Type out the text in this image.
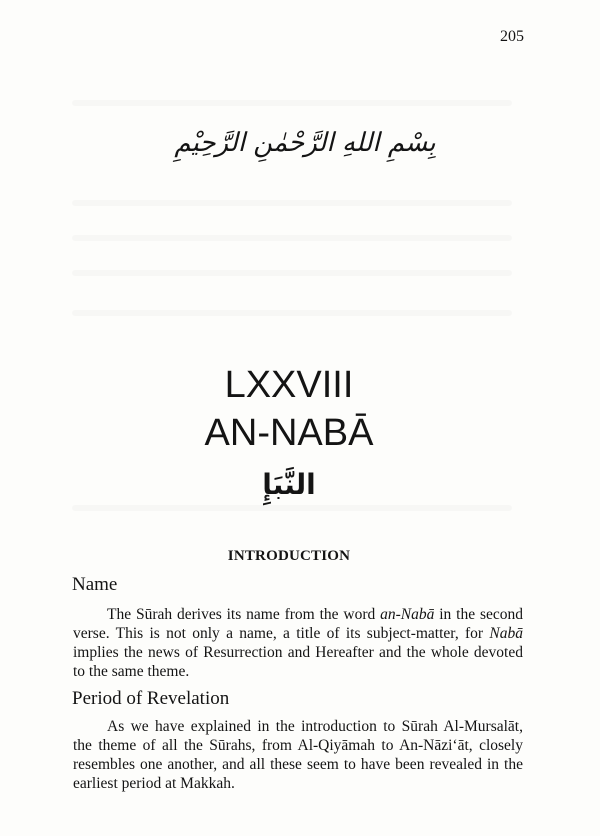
205
بِسْمِ اللهِ الرَّحْمٰنِ الرَّحِيْمِ
LXXVIII
AN-NABĀ
النَّبَإِ
INTRODUCTION
Name

The Sūrah derives its name from the word an-Nabā in the second verse. This is not only a name, a title of its subject-matter, for Nabā implies the news of Resurrection and Hereafter and the whole devoted to the same theme.

Period of Revelation

As we have explained in the introduction to Sūrah Al-Mursalāt, the theme of all the Sūrahs, from Al-Qiyāmah to An-Nāzi‘āt, closely resembles one another, and all these seem to have been revealed in the earliest period at Makkah.
